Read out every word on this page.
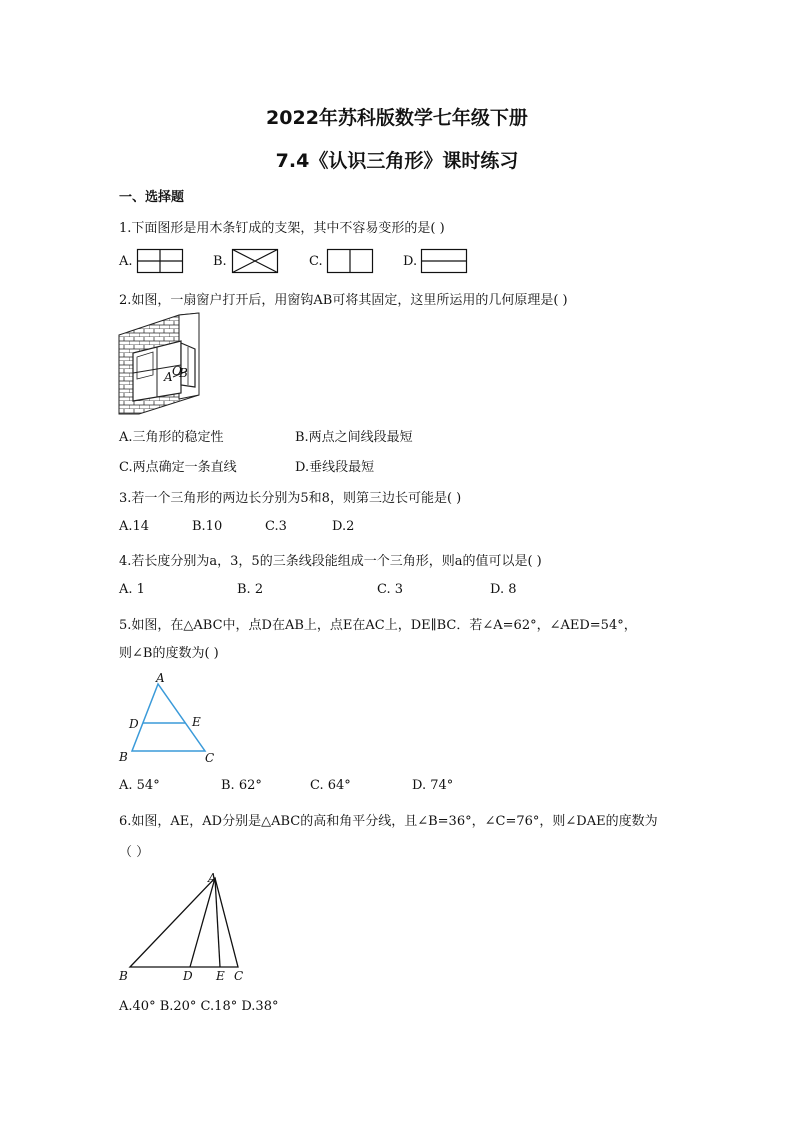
2022年苏科版数学七年级下册
7.4《认识三角形》课时练习
一、选择题
1.下面图形是用木条钉成的支架，其中不容易变形的是( )
A.	B.	C.	D.
2.如图，一扇窗户打开后，用窗钩AB可将其固定，这里所运用的几何原理是( )
A O
B
A.三角形的稳定性	B.两点之间线段最短
C.两点确定一条直线	D.垂线段最短
3.若一个三角形的两边长分别为5和8，则第三边长可能是( )
A.14	B.10	C.3	D.2
4.若长度分别为a，3，5的三条线段能组成一个三角形，则a的值可以是( )
A. 1	B. 2	C. 3	D. 8
5.如图，在△ABC中，点D在AB上，点E在AC上，DE∥BC．若∠A=62°，∠AED=54°，
则∠B的度数为( )
A
D	E
B	C
A. 54°	B. 62°	C. 64°	D. 74°
6.如图，AE，AD分别是△ABC的高和角平分线，且∠B=36°，∠C=76°，则∠DAE的度数为
（ ）
A
B	D E C
A.40° B.20° C.18° D.38°
